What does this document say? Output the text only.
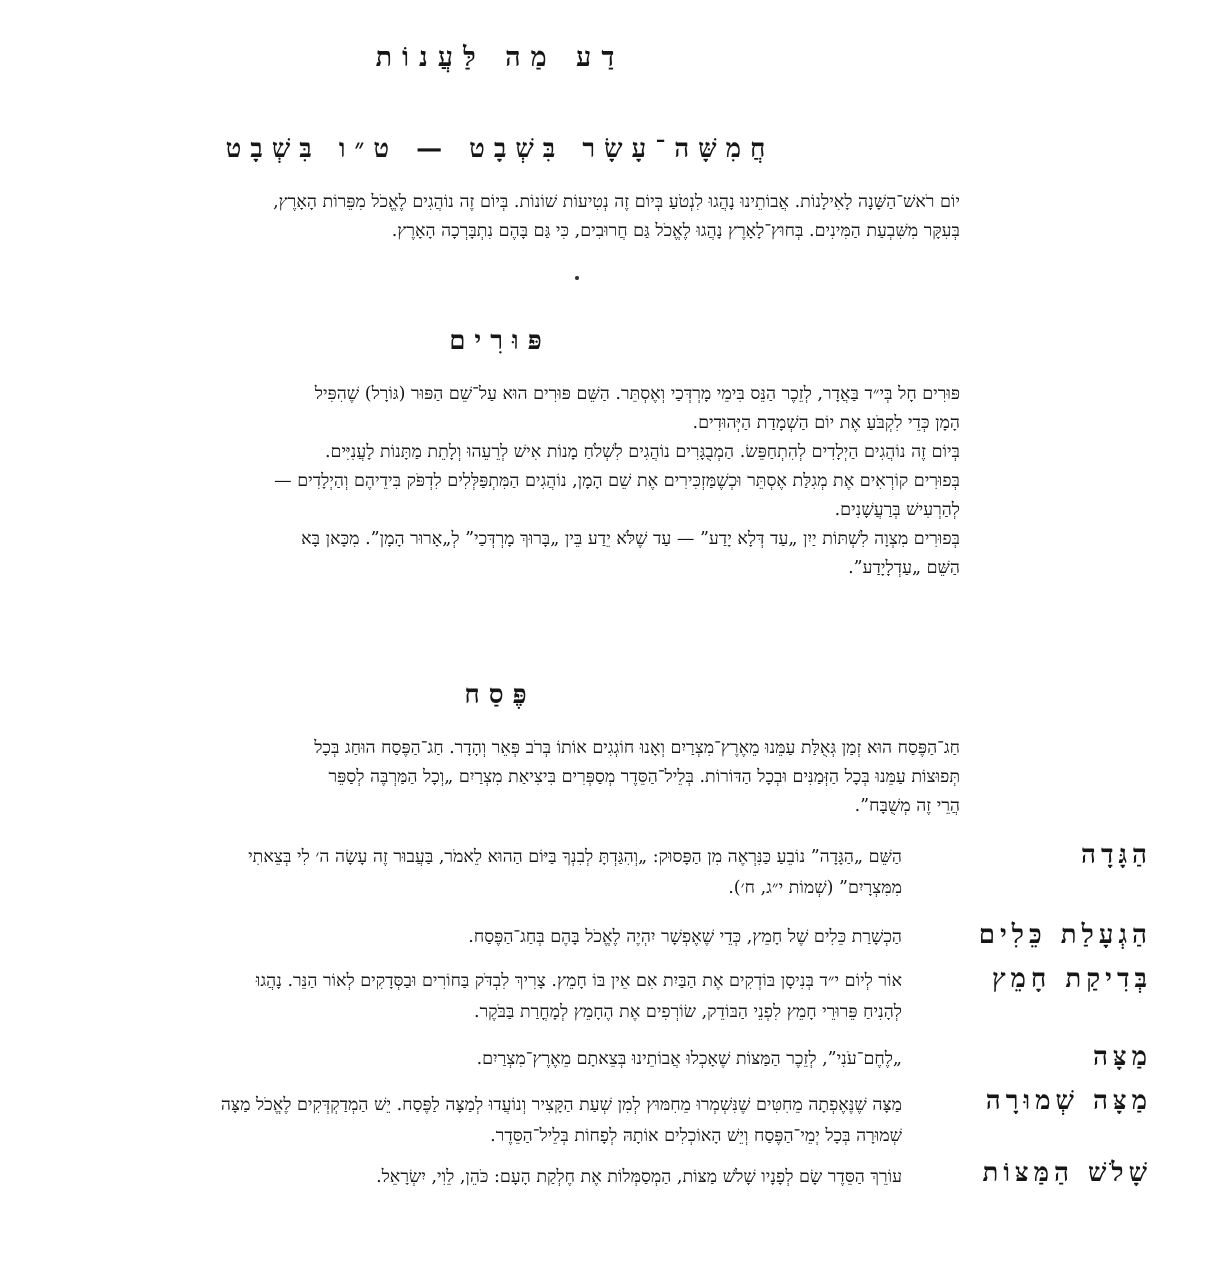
דַע מַה לַּעֲנוֹת
חֲמִשָּׁה־עָשָׂר בִּשְׁבָט — ט״ו בִּשְׁבָט
יוֹם רֹאשׁ־הַשָּׁנָה לָאִילָנוֹת. אֲבוֹתֵינוּ נָהֲגוּ לִנְטֹעַ בְּיוֹם זֶה נְטִיעוֹת שׁוֹנוֹת. בְּיוֹם זֶה נוֹהֲגִים לֶאֱכֹל מִפֵּרוֹת הָאָרֶץ,
בְּעִקָּר מִשִּׁבְעַת הַמִּינִים. בְּחוּץ־לָאָרֶץ נָהֲגוּ לֶאֱכֹל גַּם חֲרוּבִים, כִּי גַּם בָּהֶם נִתְבָּרְכָה הָאָרֶץ.
פּוּרִים
פּוּרִים חָל בְּי״ד בַּאֲדָר, לְזֵכֶר הַנֵּס בִּימֵי מָרְדְּכַי וְאֶסְתֵּר. הַשֵּׁם פּוּרִים הוּא עַל־שֵׁם הַפּוּר (גּוֹרָל) שֶׁהִפִּיל
הָמָן כְּדֵי לִקְבֹּעַ אֶת יוֹם הַשְׁמָדַת הַיְּהוּדִים.
בְּיוֹם זֶה נוֹהֲגִים הַיְלָדִים לְהִתְחַפֵּשׂ. הַמְבֻגָּרִים נוֹהֲגִים לִשְׁלֹחַ מָנוֹת אִישׁ לְרֵעֵהוּ וְלָתֵת מַתָּנוֹת לָעֲנִיִּים.
בְּפוּרִים קוֹרְאִים אֶת מְגִלַּת אֶסְתֵּר וּכְשֶׁמַּזְכִּירִים אֶת שֵׁם הָמָן, נוֹהֲגִים הַמִּתְפַּלְּלִים לִדְפֹּק בִּידֵיהֶם וְהַיְלָדִים —
לְהַרְעִישׁ בְּרַעֲשָׁנִים.
בְּפוּרִים מִצְוָה לִשְׁתּוֹת יַיִן „עַד דְּלָא יָדַע” — עַד שֶׁלֹּא יֵדַע בֵּין „בָּרוּךְ מָרְדְּכַי” לְ„אָרוּר הָמָן”. מִכָּאן בָּא
הַשֵּׁם „עַדְלָיָדַע”.
פֶּסַח
חַג־הַפֶּסַח הוּא זְמַן גְּאֻלַּת עַמֵּנוּ מֵאֶרֶץ־מִצְרַיִם וְאָנוּ חוֹגְגִים אוֹתוֹ בְּרֹב פְּאֵר וְהָדָר. חַג־הַפֶּסַח הוּחַג בְּכָל
תְּפוּצוֹת עַמֵּנוּ בְּכָל הַזְּמַנִּים וּבְכָל הַדּוֹרוֹת. בְּלֵיל־הַסֵּדֶר מְסַפְּרִים בִּיצִיאַת מִצְרַיִם „וְכָל הַמַּרְבֶּה לְסַפֵּר
הֲרֵי זֶה מְשֻׁבָּח”.
הַגָּדָה
הַשֵּׁם „הַגָּדָה” נוֹבֵעַ כַּנִּרְאֶה מִן הַפָּסוּק: „וְהִגַּדְתָּ לְבִנְךָ בַּיּוֹם הַהוּא לֵאמֹר, בַּעֲבוּר זֶה עָשָׂה ה׳ לִי בְּצֵאתִי
מִמִּצְרָיִם” (שְׁמוֹת י״ג, ח׳).
הַגְעָלַת כֵּלִים
הַכְשָׁרַת כֵּלִים שֶׁל חָמֵץ, כְּדֵי שֶׁאֶפְשָׁר יִהְיֶה לֶאֱכֹל בָּהֶם בְּחַג־הַפֶּסַח.
בְּדִיקַת חָמֵץ
אוֹר לְיוֹם י״ד בְּנִיסָן בּוֹדְקִים אֶת הַבַּיִת אִם אֵין בּוֹ חָמֵץ. צָרִיךְ לִבְדֹּק בַּחוֹרִים וּבַסְּדָקִים לְאוֹר הַנֵּר. נָהֲגוּ
לְהָנִיחַ פֵּרוּרֵי חָמֵץ לִפְנֵי הַבּוֹדֵק, שׂוֹרְפִים אֶת הֶחָמֵץ לְמָחֳרַת בַּבֹּקֶר.
מַצָּה
„לֶחֶם־עֹנִי”, לְזֵכֶר הַמַּצּוֹת שֶׁאָכְלוּ אֲבוֹתֵינוּ בְּצֵאתָם מֵאֶרֶץ־מִצְרַיִם.
מַצָּה שְׁמוּרָה
מַצָּה שֶׁנֶּאֶפְתָה מֵחִטִּים שֶׁנִּשְׁמְרוּ מֵחִמּוּץ לְמִן שְׁעַת הַקָּצִיר וְנוֹעֲדוּ לְמַצָּה לַפֶּסַח. יֵשׁ הַמְדַקְדְּקִים לֶאֱכֹל מַצָּה
שְׁמוּרָה בְּכָל יְמֵי־הַפֶּסַח וְיֵשׁ הָאוֹכְלִים אוֹתָהּ לְפָחוֹת בְּלֵיל־הַסֵּדֶר.
שָׁלֹשׁ הַמַּצּוֹת
עוֹרֵךְ הַסֵּדֶר שָׂם לְפָנָיו שָׁלֹשׁ מַצּוֹת, הַמְסַמְּלוֹת אֶת חֶלְקַת הָעָם: כֹּהֵן, לֵוִי, יִשְׂרָאֵל.
